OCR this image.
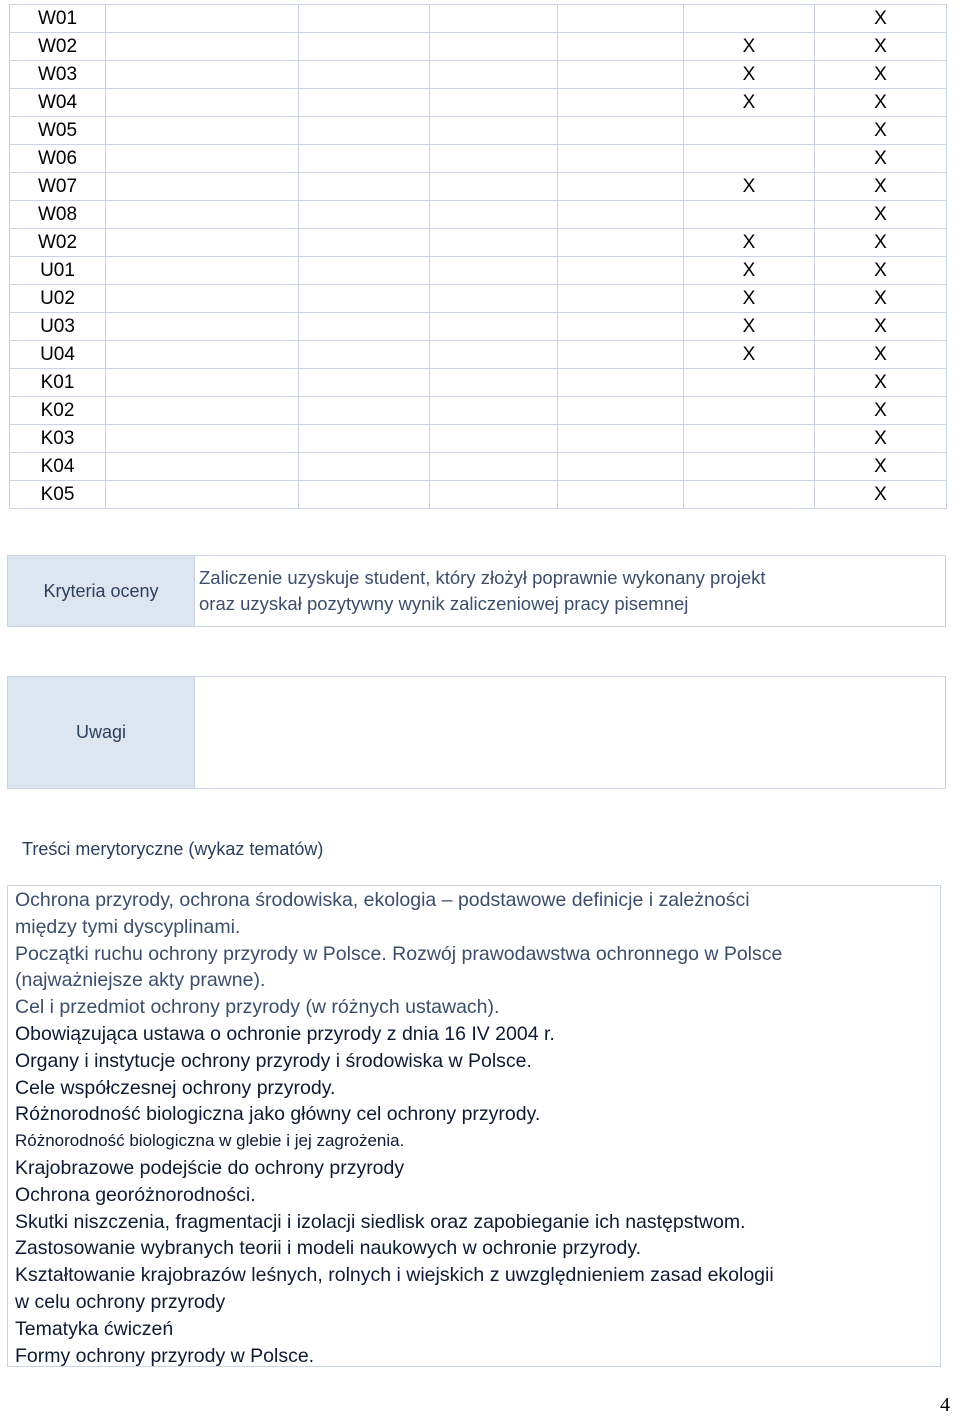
W01						X
W02					X	X
W03					X	X
W04					X	X
W05						X
W06						X
W07					X	X
W08						X
W02					X	X
U01					X	X
U02					X	X
U03					X	X
U04					X	X
K01						X
K02						X
K03						X
K04						X
K05						X
Kryteria oceny
Zaliczenie uzyskuje student, który złożył poprawnie wykonany projekt
oraz uzyskał pozytywny wynik zaliczeniowej pracy pisemnej
Uwagi
Treści merytoryczne (wykaz tematów)
Ochrona przyrody, ochrona środowiska, ekologia – podstawowe definicje i zależności
między tymi dyscyplinami.
Początki ruchu ochrony przyrody w Polsce. Rozwój prawodawstwa ochronnego w Polsce
(najważniejsze akty prawne).
Cel i przedmiot ochrony przyrody (w różnych ustawach).
Obowiązująca ustawa o ochronie przyrody z dnia 16 IV 2004 r.
Organy i instytucje ochrony przyrody i środowiska w Polsce.
Cele współczesnej ochrony przyrody.
Różnorodność biologiczna jako główny cel ochrony przyrody.
Różnorodność biologiczna w glebie i jej zagrożenia.
Krajobrazowe podejście do ochrony przyrody
Ochrona georóżnorodności.
Skutki niszczenia, fragmentacji i izolacji siedlisk oraz zapobieganie ich następstwom.
Zastosowanie wybranych teorii i modeli naukowych w ochronie przyrody.
Kształtowanie krajobrazów leśnych, rolnych i wiejskich z uwzględnieniem zasad ekologii
w celu ochrony przyrody
Tematyka ćwiczeń
Formy ochrony przyrody w Polsce.
4
